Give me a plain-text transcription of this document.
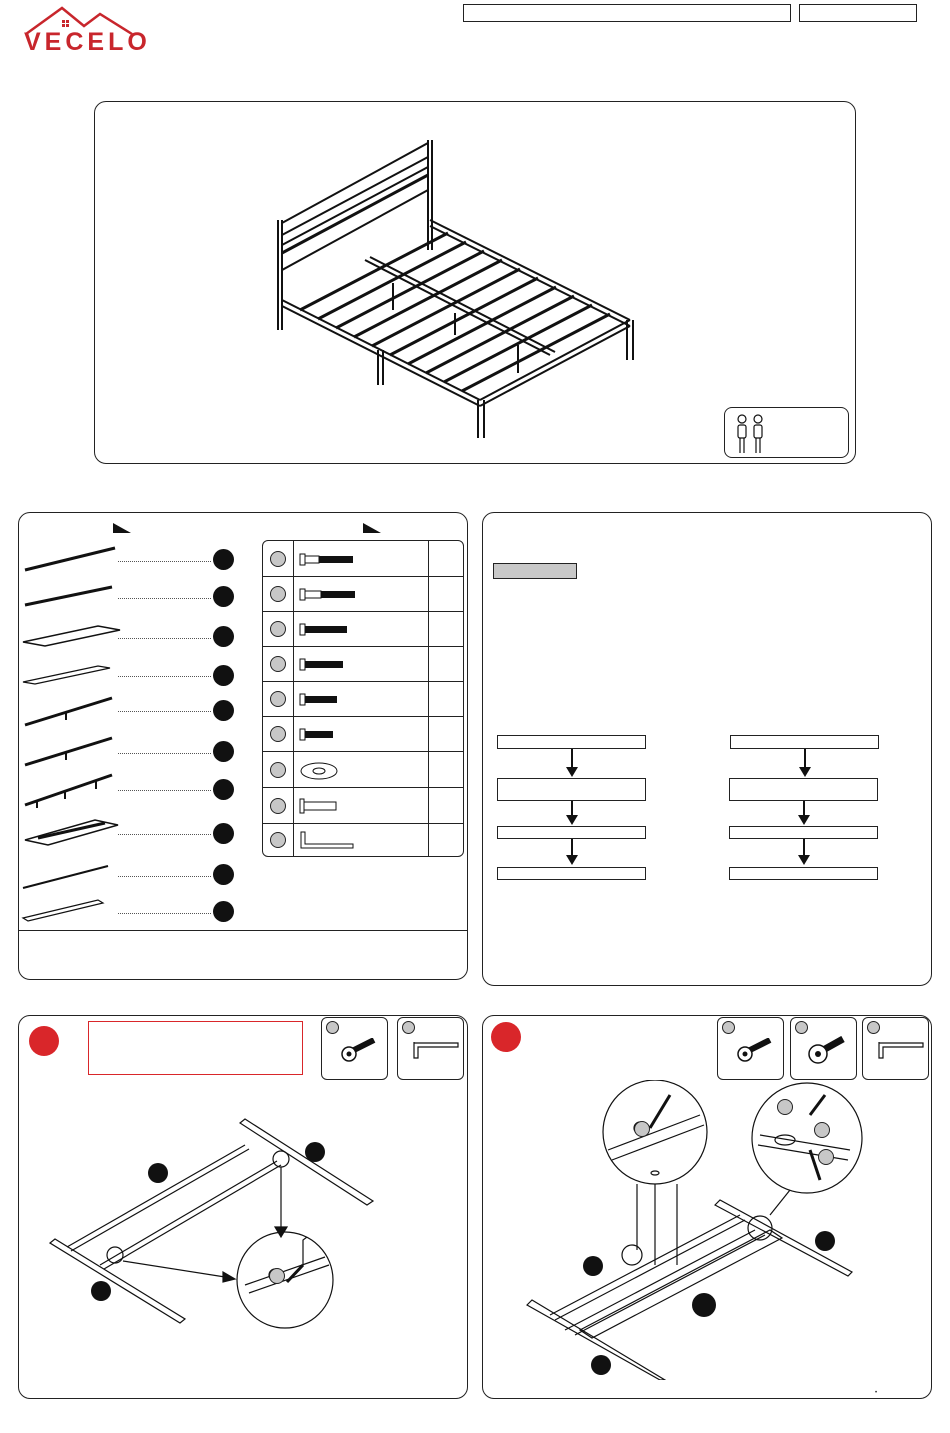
VECELO
•
